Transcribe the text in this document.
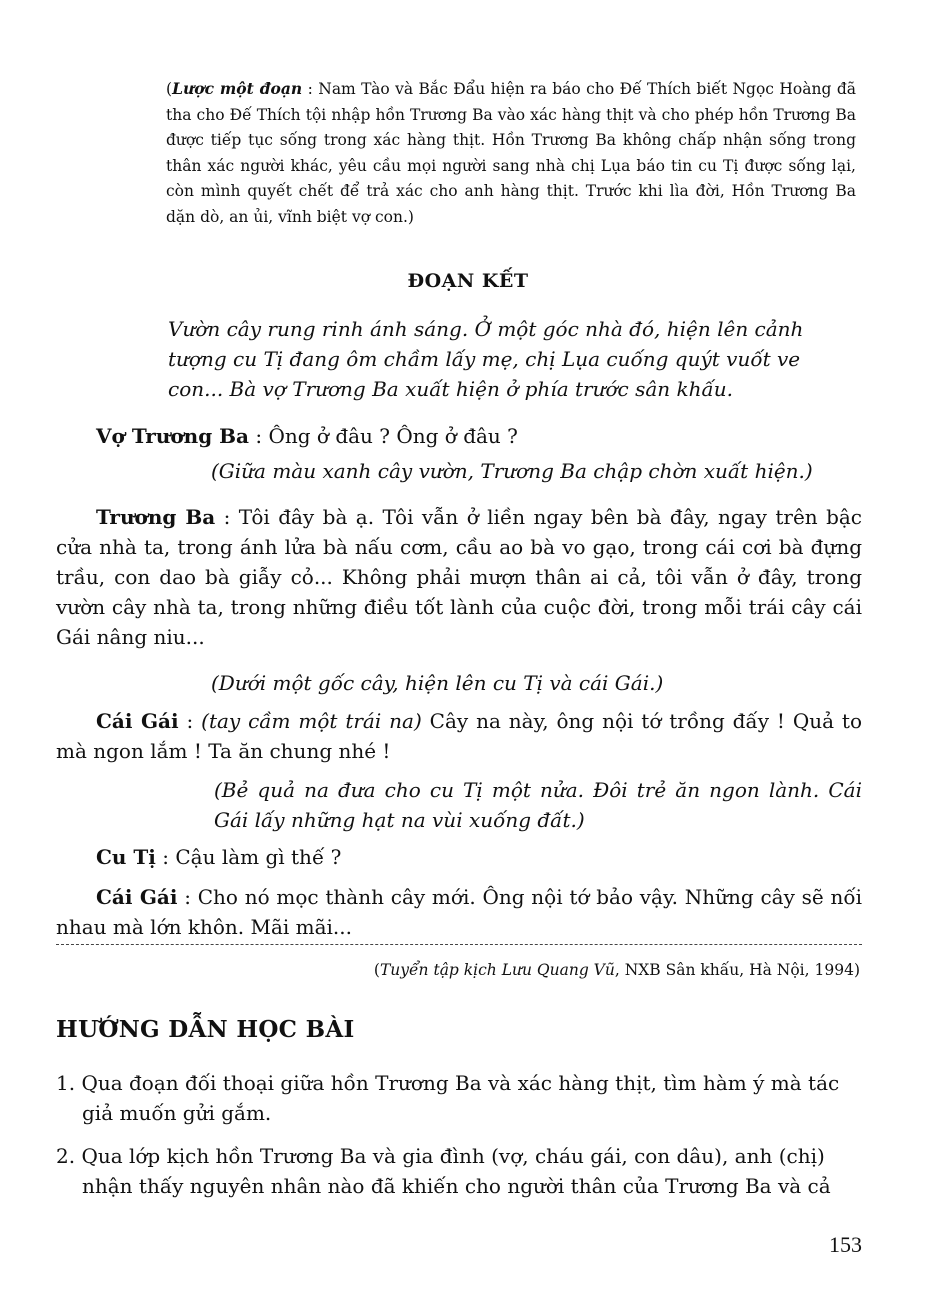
(Lược một đoạn : Nam Tào và Bắc Đẩu hiện ra báo cho Đế Thích biết Ngọc Hoàng đã tha cho Đế Thích tội nhập hồn Trương Ba vào xác hàng thịt và cho phép hồn Trương Ba được tiếp tục sống trong xác hàng thịt. Hồn Trương Ba không chấp nhận sống trong thân xác người khác, yêu cầu mọi người sang nhà chị Lụa báo tin cu Tị được sống lại, còn mình quyết chết để trả xác cho anh hàng thịt. Trước khi lìa đời, Hồn Trương Ba dặn dò, an ủi, vĩnh biệt vợ con.)

ĐOẠN KẾT

Vườn cây rung rinh ánh sáng. Ở một góc nhà đó, hiện lên cảnh tượng cu Tị đang ôm chầm lấy mẹ, chị Lụa cuống quýt vuốt ve con... Bà vợ Trương Ba xuất hiện ở phía trước sân khấu.

Vợ Trương Ba : Ông ở đâu ? Ông ở đâu ?

(Giữa màu xanh cây vườn, Trương Ba chập chờn xuất hiện.)

Trương Ba : Tôi đây bà ạ. Tôi vẫn ở liền ngay bên bà đây, ngay trên bậc cửa nhà ta, trong ánh lửa bà nấu cơm, cầu ao bà vo gạo, trong cái cơi bà đựng trầu, con dao bà giẫy cỏ... Không phải mượn thân ai cả, tôi vẫn ở đây, trong vườn cây nhà ta, trong những điều tốt lành của cuộc đời, trong mỗi trái cây cái Gái nâng niu...

(Dưới một gốc cây, hiện lên cu Tị và cái Gái.)

Cái Gái : (tay cầm một trái na) Cây na này, ông nội tớ trồng đấy ! Quả to mà ngon lắm ! Ta ăn chung nhé !

(Bẻ quả na đưa cho cu Tị một nửa. Đôi trẻ ăn ngon lành. Cái Gái lấy những hạt na vùi xuống đất.)

Cu Tị : Cậu làm gì thế ?

Cái Gái : Cho nó mọc thành cây mới. Ông nội tớ bảo vậy. Những cây sẽ nối nhau mà lớn khôn. Mãi mãi...

(Tuyển tập kịch Lưu Quang Vũ, NXB Sân khấu, Hà Nội, 1994)
HƯỚNG DẪN HỌC BÀI

1. Qua đoạn đối thoại giữa hồn Trương Ba và xác hàng thịt, tìm hàm ý mà tác giả muốn gửi gắm.

2. Qua lớp kịch hồn Trương Ba và gia đình (vợ, cháu gái, con dâu), anh (chị) nhận thấy nguyên nhân nào đã khiến cho người thân của Trương Ba và cả

153
